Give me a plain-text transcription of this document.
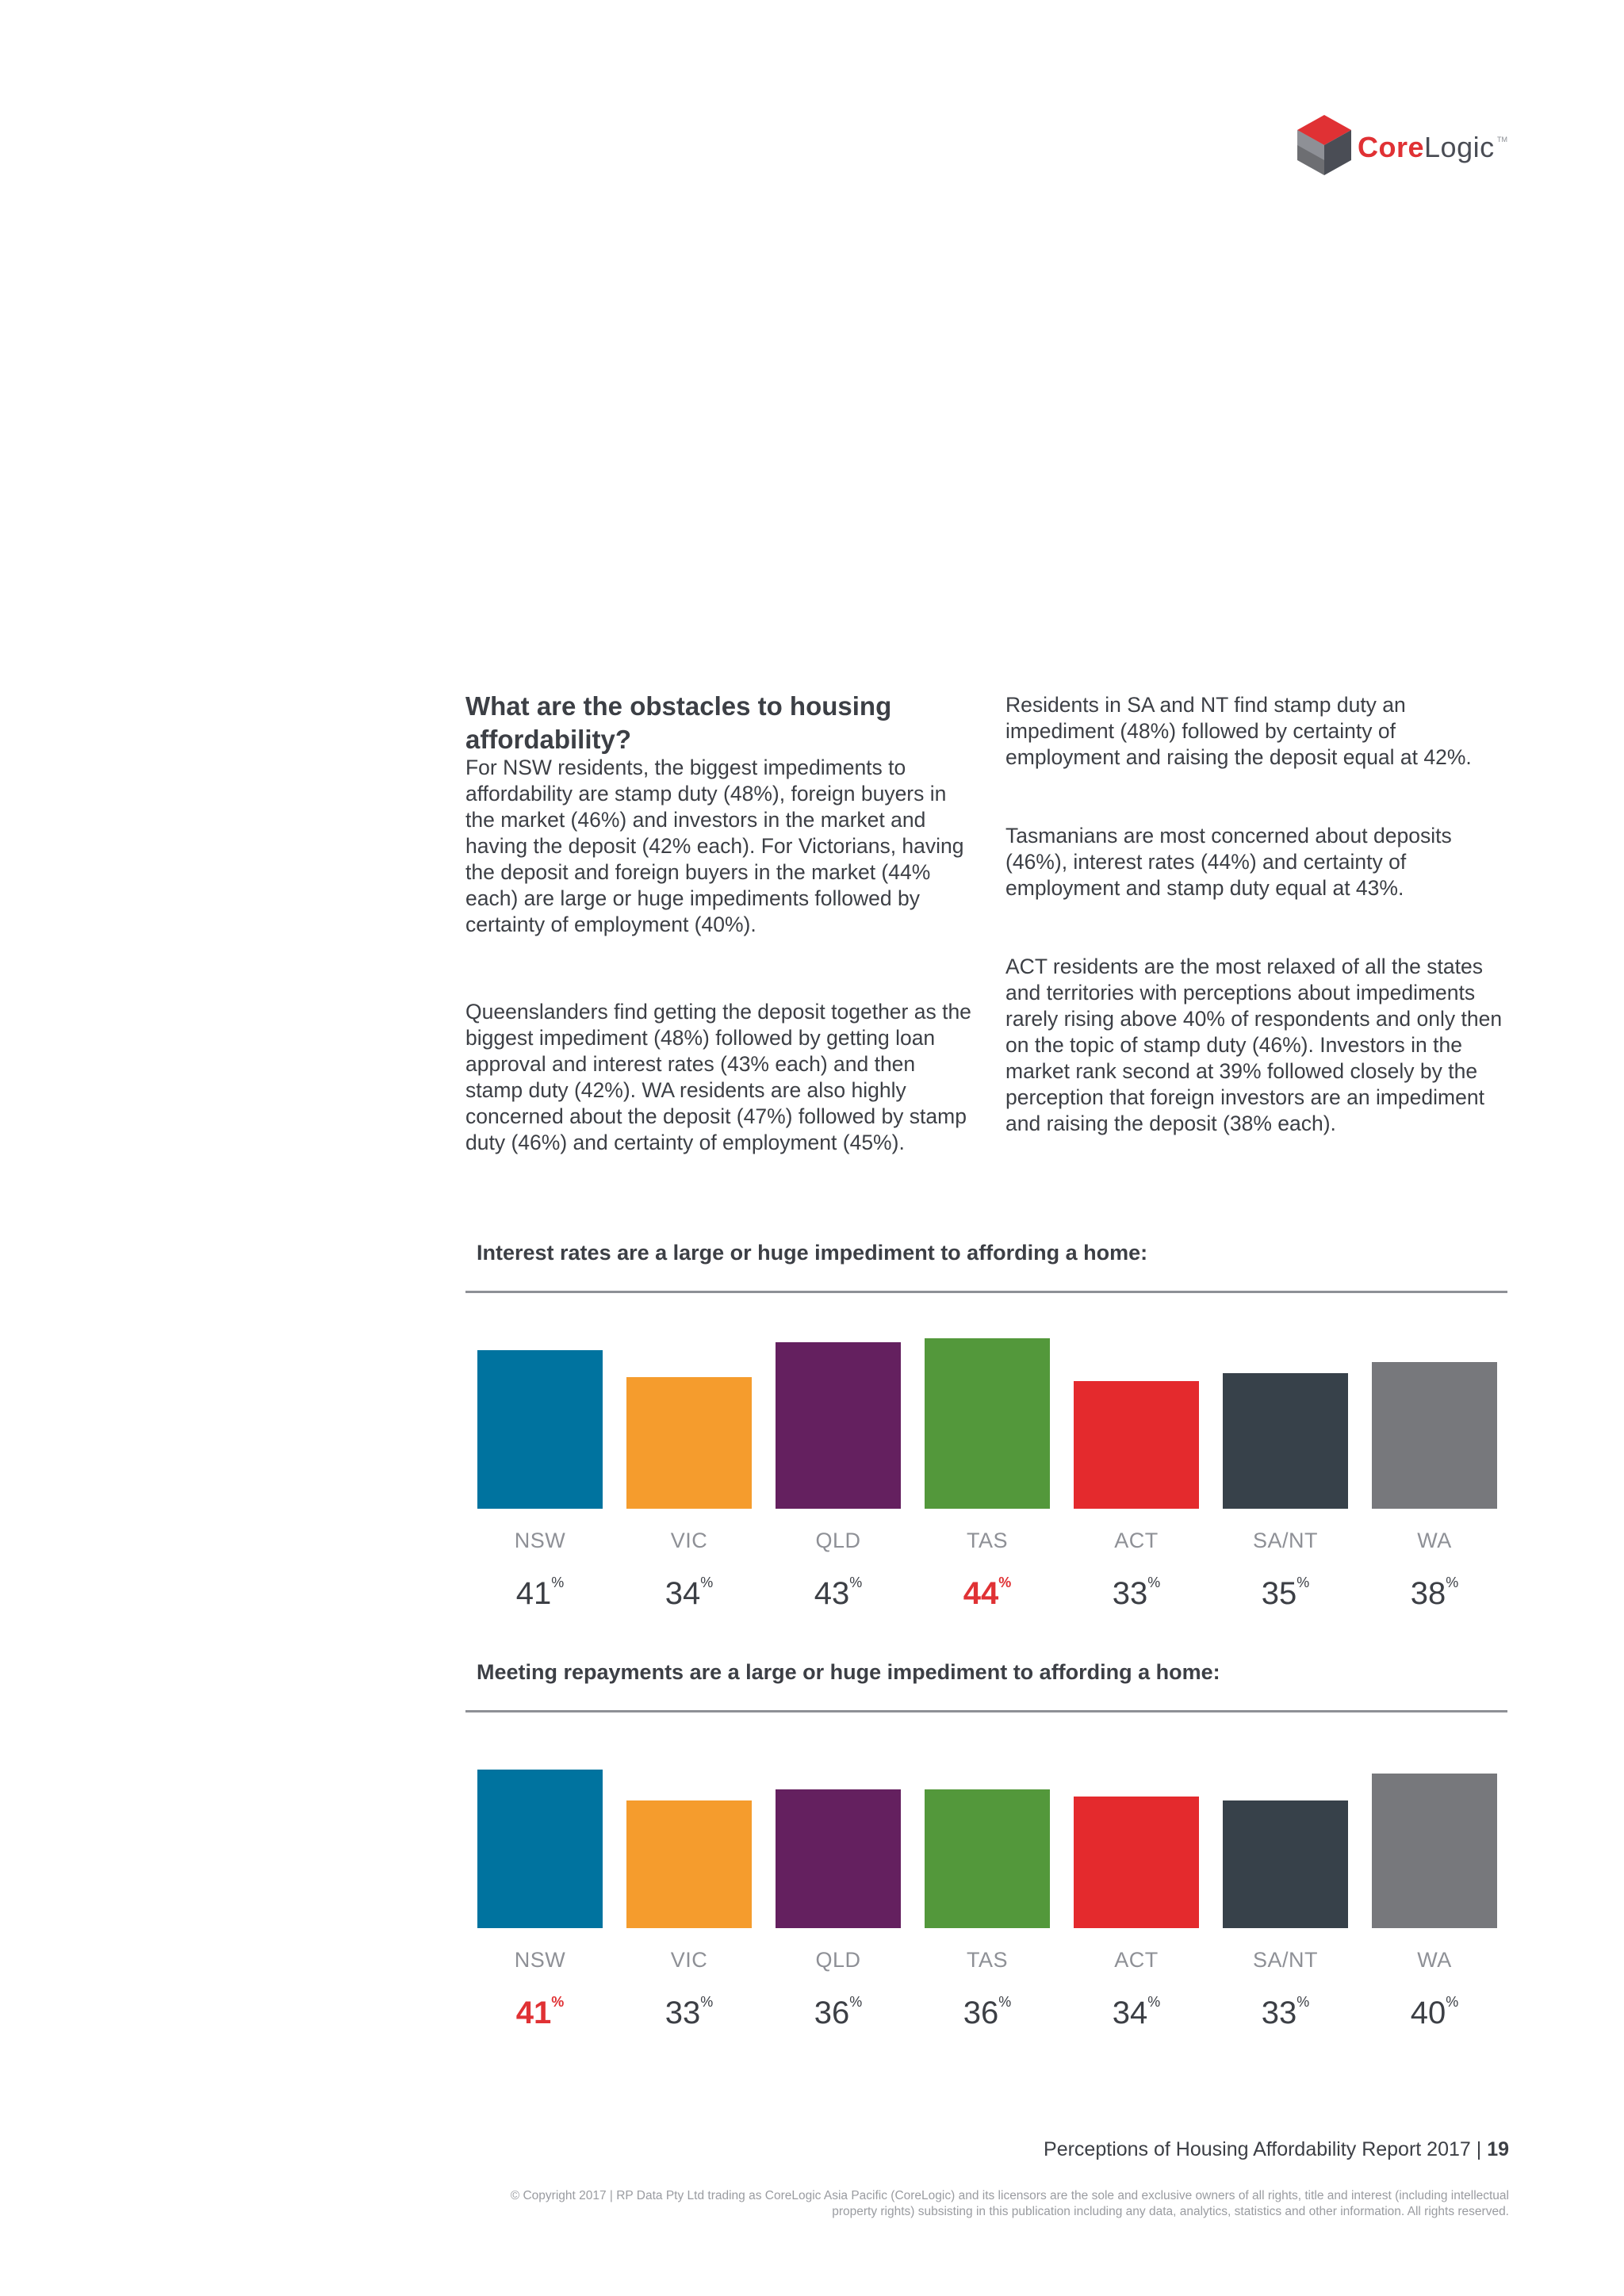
CoreLogic TM
What are the obstacles to housing affordability?

For NSW residents, the biggest impediments to affordability are stamp duty (48%), foreign buyers in the market (46%) and investors in the market and having the deposit (42% each). For Victorians, having the deposit and foreign buyers in the market (44% each) are large or huge impediments followed by certainty of employment (40%).

Queenslanders find getting the deposit together as the biggest impediment (48%) followed by getting loan approval and interest rates (43% each) and then stamp duty (42%). WA residents are also highly concerned about the deposit (47%) followed by stamp duty (46%) and certainty of employment (45%).

Residents in SA and NT find stamp duty an impediment (48%) followed by certainty of employment and raising the deposit equal at 42%.

Tasmanians are most concerned about deposits (46%), interest rates (44%) and certainty of employment and stamp duty equal at 43%.

ACT residents are the most relaxed of all the states and territories with perceptions about impediments rarely rising above 40% of respondents and only then on the topic of stamp duty (46%). Investors in the market rank second at 39% followed closely by the perception that foreign investors are an impediment and raising the deposit (38% each).

Interest rates are a large or huge impediment to affording a home:
NSW
41%
VIC
34%
QLD
43%
TAS
44%
ACT
33%
SA/NT
35%
WA
38%
Meeting repayments are a large or huge impediment to affording a home:
NSW
41%
VIC
33%
QLD
36%
TAS
36%
ACT
34%
SA/NT
33%
WA
40%
Perceptions of Housing Affordability Report 2017 | 19
© Copyright 2017 | RP Data Pty Ltd trading as CoreLogic Asia Pacific (CoreLogic) and its licensors are the sole and exclusive owners of all rights, title and interest (including intellectual property rights) subsisting in this publication including any data, analytics, statistics and other information. All rights reserved.
